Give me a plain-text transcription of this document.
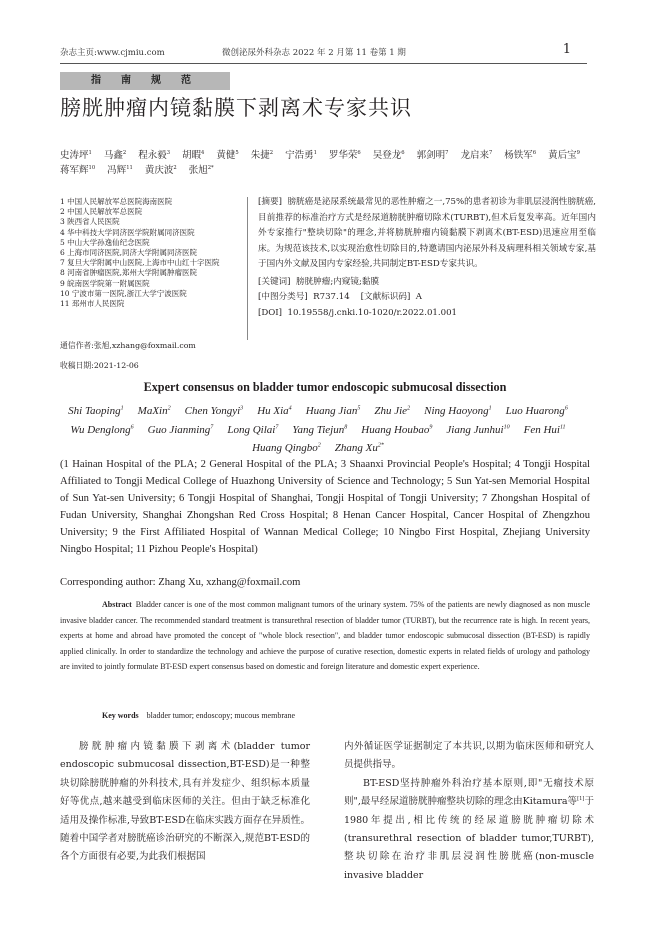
杂志主页:www.cjmiu.com	微创泌尿外科杂志 2022 年 2 月第 11 卷第 1 期	1
指南规范
膀胱肿瘤内镜黏膜下剥离术专家共识
史涛坪$^1$ 马鑫$^2$ 程永毅$^3$ 胡暇$^4$ 黄健$^5$ 朱捷$^2$ 宁浩勇$^1$ 罗华荣$^6$ 吴登龙$^6$ 郭剑明$^7$ 龙启来$^7$ 杨铁军$^6$ 黄后宝$^9$蒋军辉$^{10}$ 冯辉$^{11}$ 黄庆波$^2$ 张旭$^{2*}$
1 中国人民解放军总医院海南医院
2 中国人民解放军总医院
3 陕西省人民医院
4 华中科技大学同济医学院附属同济医院
5 中山大学孙逸仙纪念医院
6 上海市同济医院,同济大学附属同济医院
7 复旦大学附属中山医院,上海市中山红十字医院
8 河南省肿瘤医院,郑州大学附属肿瘤医院
9 皖南医学院第一附属医院
10 宁波市第一医院,浙江大学宁波医院
11 邳州市人民医院

[摘要] 膀胱癌是泌尿系统最常见的恶性肿瘤之一,75%的患者初诊为非肌层浸润性膀胱癌,目前推荐的标准治疗方式是经尿道膀胱肿瘤切除术(TURBT),但术后复发率高。近年国内外专家推行"整块切除"的理念,并将膀胱肿瘤内镜黏膜下剥离术(BT-ESD)迅速应用至临床。为规范该技术,以实现治愈性切除目的,特邀请国内泌尿外科及病理科相关领域专家,基于国内外文献及国内专家经验,共同制定BT-ESD专家共识。

[关键词] 膀胱肿瘤;内窥镜;黏膜

[中图分类号] R737.14 [文献标识码] A

[DOI] 10.19558/j.cnki.10-1020/r.2022.01.001

通信作者:张旭,xzhang@foxmail.com
收稿日期:2021-12-06
Expert consensus on bladder tumor endoscopic submucosal dissection
Shi Taoping$^1$ MaXin$^2$ Chen Yongyi$^3$ Hu Xia$^4$ Huang Jian$^5$ Zhu Jie$^2$ Ning Haoyong$^1$ Luo Huarong$^6$Wu Denglong$^6$ Guo Jianming$^7$ Long Qilai$^7$ Yang Tiejun$^8$ Huang Houbao$^9$ Jiang Junhui$^{10}$ Fen Hui$^{11}$Huang Qingbo$^2$ Zhang $Xu^{2*}$
(1 Hainan Hospital of the PLA; 2 General Hospital of the PLA; 3 Shaanxi Provincial People's Hospital; 4 Tongji Hospital Affiliated to Tongji Medical College of Huazhong University of Science and Technology; 5 Sun Yat-sen Memorial Hospital of Sun Yat-sen University; 6 Tongji Hospital of Shanghai, Tongji Hospital of Tongji University; 7 Zhongshan Hospital of Fudan University, Shanghai Zhongshan Red Cross Hospital; 8 Henan Cancer Hospital, Cancer Hospital of Zhengzhou University; 9 the First Affiliated Hospital of Wannan Medical College; 10 Ningbo First Hospital, Zhejiang University Ningbo Hospital; 11 Pizhou People's Hospital)
Corresponding author: Zhang Xu, xzhang@foxmail.com
Abstract Bladder cancer is one of the most common malignant tumors of the urinary system. 75% of the patients are newly diagnosed as non muscle invasive bladder cancer. The recommended standard treatment is transurethral resection of bladder tumor (TURBT), but the recurrence rate is high. In recent years, experts at home and abroad have promoted the concept of "whole block resection", and bladder tumor endoscopic submucosal dissection (BT-ESD) is rapidly applied clinically. In order to standardize the technology and achieve the purpose of curative resection, domestic experts in related fields of urology and pathology are invited to jointly formulate BT-ESD expert consensus based on domestic and foreign literature and domestic expert experience.
Key words bladder tumor; endoscopy; mucous membrane

膀胱肿瘤内镜黏膜下剥离术(bladder tumor endoscopic submucosal dissection,BT-ESD)是一种整块切除膀胱肿瘤的外科技术,具有并发症少、组织标本质量好等优点,越来越受到临床医师的关注。但由于缺乏标准化适用及操作标准,导致BT-ESD在临床实践方面存在异质性。随着中国学者对膀胱癌诊治研究的不断深入,规范BT-ESD的各个方面很有必要,为此我们根据国

内外循证医学证据制定了本共识,以期为临床医师和研究人员提供指导。

BT-ESD坚持肿瘤外科治疗基本原则,即"无瘤技术原则",最早经尿道膀胱肿瘤整块切除的理念由Kitamura等[1]于1980年提出,相比传统的经尿道膀胱肿瘤切除术(transurethral resection of bladder tumor,TURBT),整块切除在治疗非肌层浸润性膀胱癌(non-muscle invasive bladder
